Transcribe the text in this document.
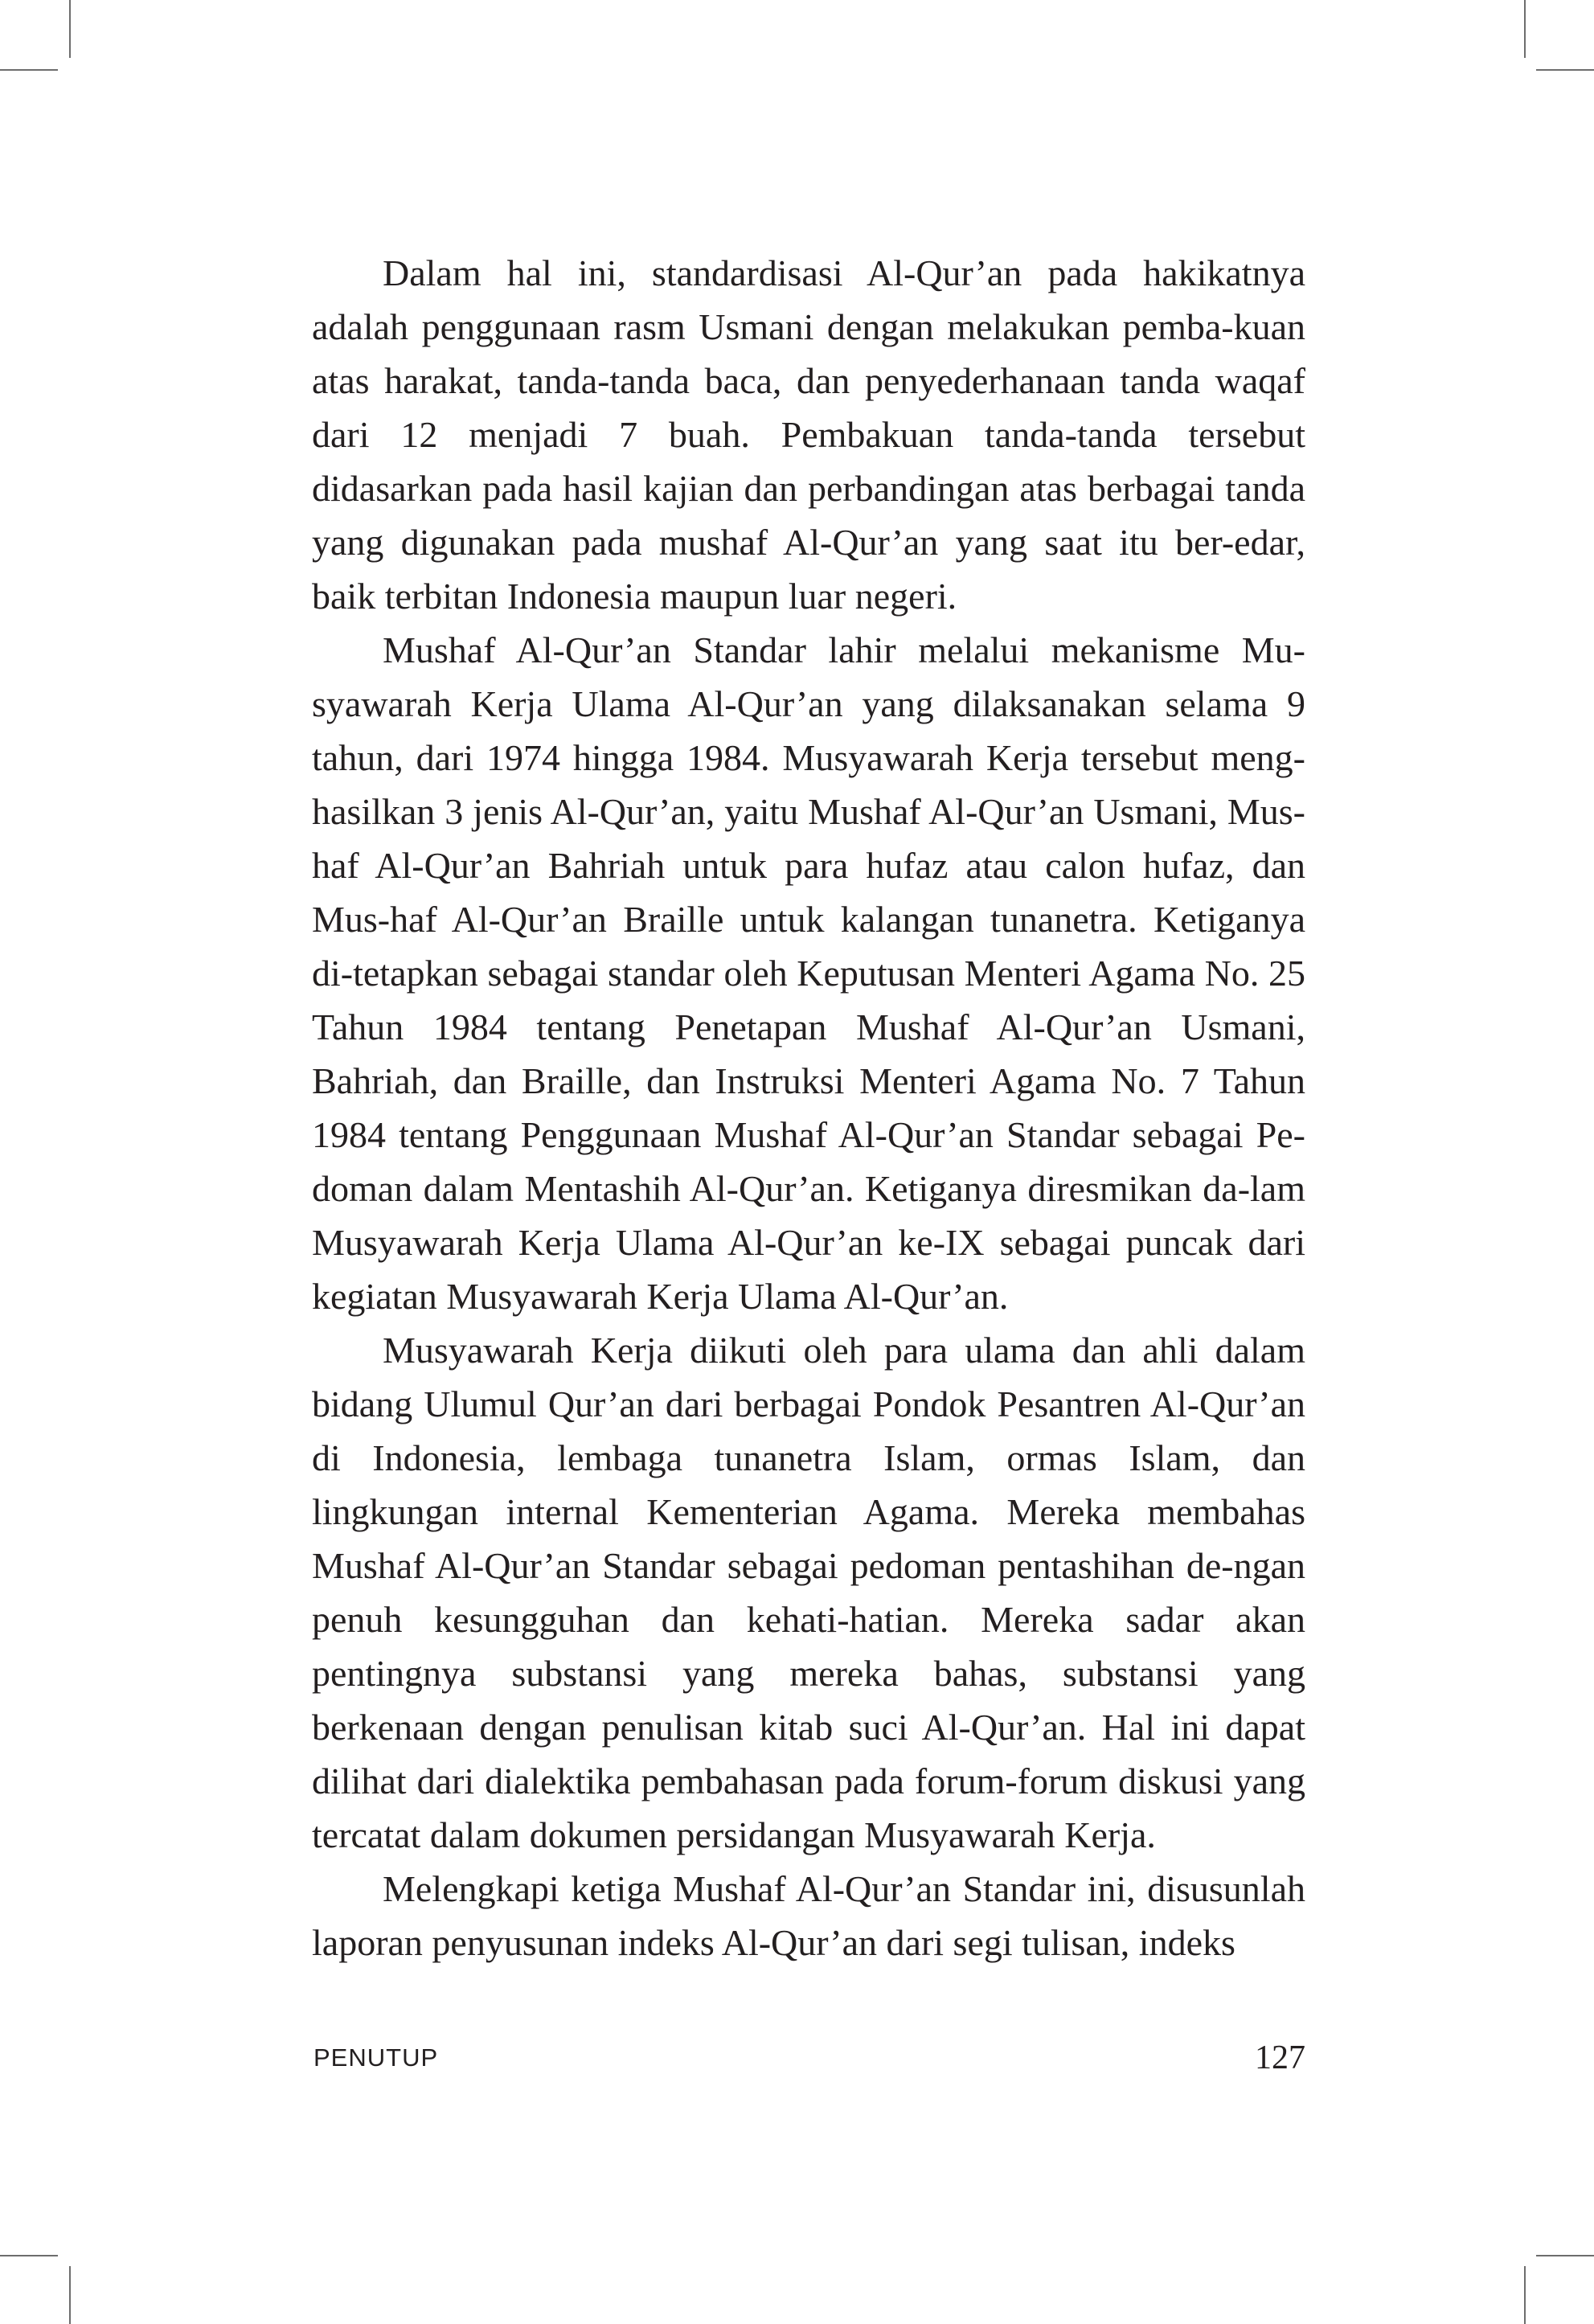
Dalam hal ini, standardisasi Al-Qur’an pada hakikatnya adalah penggunaan rasm Usmani dengan melakukan pemba-kuan atas harakat, tanda-tanda baca, dan penyederhanaan tanda waqaf dari 12 menjadi 7 buah. Pembakuan tanda-tanda tersebut didasarkan pada hasil kajian dan perbandingan atas berbagai tanda yang digunakan pada mushaf Al-Qur’an yang saat itu ber-edar, baik terbitan Indonesia maupun luar negeri.

Mushaf Al-Qur’an Standar lahir melalui mekanisme Mu-syawarah Kerja Ulama Al-Qur’an yang dilaksanakan selama 9 tahun, dari 1974 hingga 1984. Musyawarah Kerja tersebut meng-hasilkan 3 jenis Al-Qur’an, yaitu Mushaf Al-Qur’an Usmani, Mus-haf Al-Qur’an Bahriah untuk para hufaz atau calon hufaz, dan Mus-haf Al-Qur’an Braille untuk kalangan tunanetra. Ketiganya di-tetapkan sebagai standar oleh Keputusan Menteri Agama No. 25 Tahun 1984 tentang Penetapan Mushaf Al-Qur’an Usmani, Bahriah, dan Braille, dan Instruksi Menteri Agama No. 7 Tahun 1984 tentang Penggunaan Mushaf Al-Qur’an Standar sebagai Pe-doman dalam Mentashih Al-Qur’an. Ketiganya diresmikan da-lam Musyawarah Kerja Ulama Al-Qur’an ke-IX sebagai puncak dari kegiatan Musyawarah Kerja Ulama Al-Qur’an.

Musyawarah Kerja diikuti oleh para ulama dan ahli dalam bidang Ulumul Qur’an dari berbagai Pondok Pesantren Al-Qur’an di Indonesia, lembaga tunanetra Islam, ormas Islam, dan lingkungan internal Kementerian Agama. Mereka membahas Mushaf Al-Qur’an Standar sebagai pedoman pentashihan de-ngan penuh kesungguhan dan kehati-hatian. Mereka sadar akan pentingnya substansi yang mereka bahas, substansi yang berkenaan dengan penulisan kitab suci Al-Qur’an. Hal ini dapat dilihat dari dialektika pembahasan pada forum-forum diskusi yang tercatat dalam dokumen persidangan Musyawarah Kerja.

Melengkapi ketiga Mushaf Al-Qur’an Standar ini, disusunlah laporan penyusunan indeks Al-Qur’an dari segi tulisan, indeks

PENUTUP	127
